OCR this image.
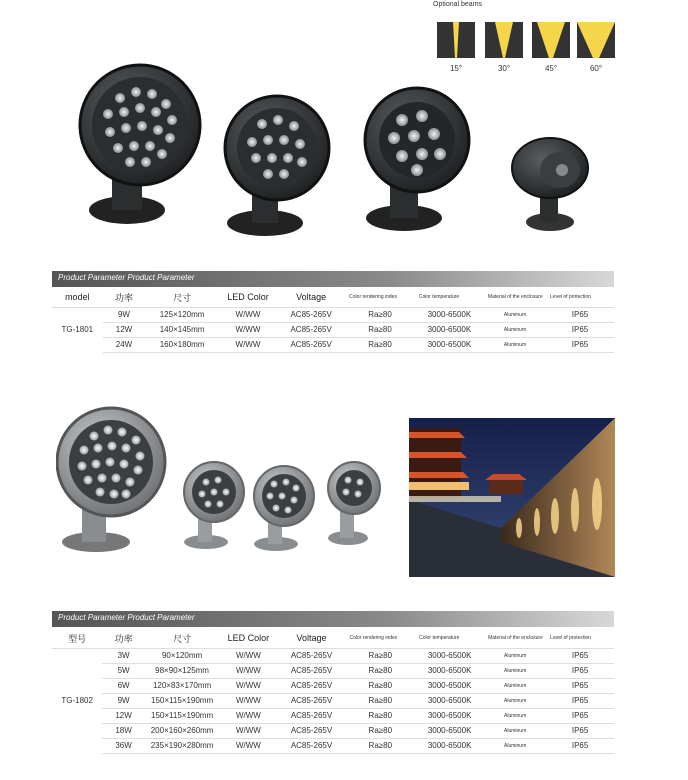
Optional beams
15°	30°	45°	60°
Product Parameter Product Parameter
model	功率	尺寸	LED Color	Voltage	Color rendering index	Color temperature	Material of the enclosure	Level of protection
TG-1801	9W	125×120mm	W/WW	AC85-265V	Ra≥80	3000-6500K	Aluminum	IP65
	12W	140×145mm	W/WW	AC85-265V	Ra≥80	3000-6500K	Aluminum	IP65
	24W	160×180mm	W/WW	AC85-265V	Ra≥80	3000-6500K	Aluminum	IP65
Product Parameter Product Parameter
型号	功率	尺寸	LED Color	Voltage	Color rendering index	Color temperature	Material of the enclosure	Level of protection
TG-1802	3W	90×120mm	W/WW	AC85-265V	Ra≥80	3000-6500K	Aluminum	IP65
	5W	98×90×125mm	W/WW	AC85-265V	Ra≥80	3000-6500K	Aluminum	IP65
	6W	120×83×170mm	W/WW	AC85-265V	Ra≥80	3000-6500K	Aluminum	IP65
	9W	150×115×190mm	W/WW	AC85-265V	Ra≥80	3000-6500K	Aluminum	IP65
	12W	150×115×190mm	W/WW	AC85-265V	Ra≥80	3000-6500K	Aluminum	IP65
	18W	200×160×260mm	W/WW	AC85-265V	Ra≥80	3000-6500K	Aluminum	IP65
	36W	235×190×280mm	W/WW	AC85-265V	Ra≥80	3000-6500K	Aluminum	IP65
